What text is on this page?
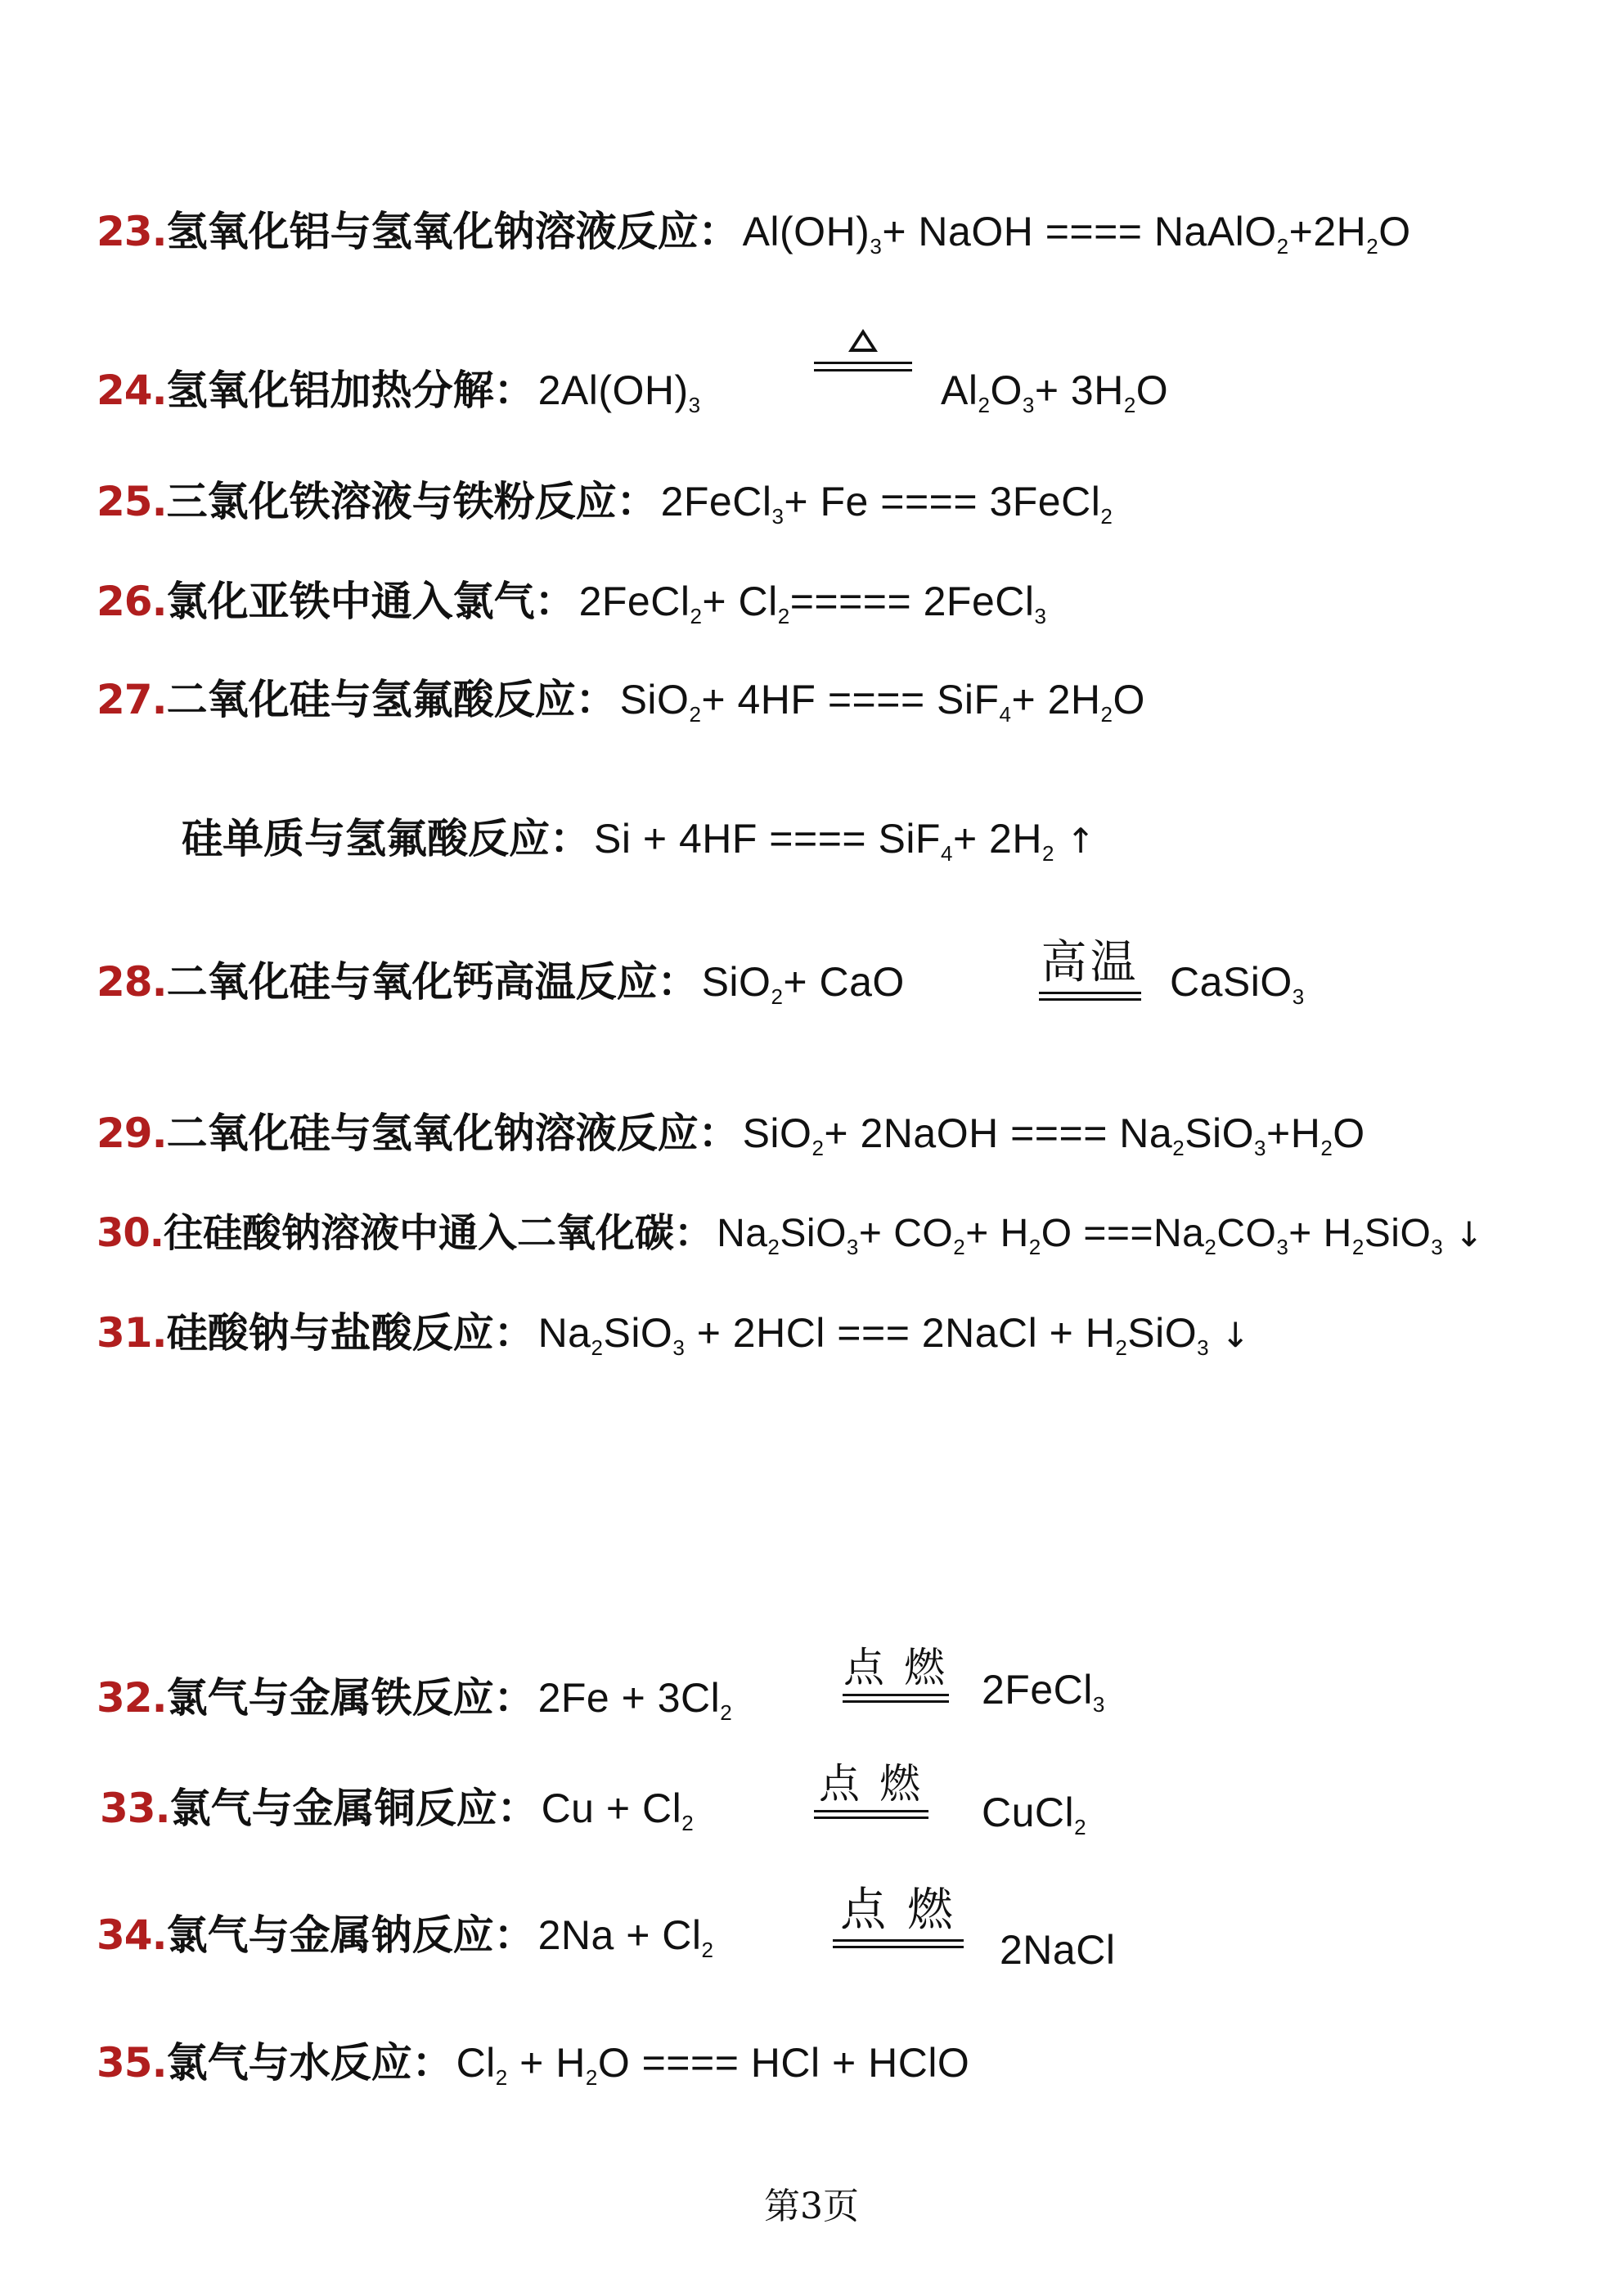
23. 氢氧化铝与氢氧化钠溶液反应 ： $Al(OH)_3+$ NaOH ==== $NaAlO_2+2H_2O$
24. 氢氧化铝加热分解 ： $2Al(OH)_3$	$Al_2O_3+ 3H_2O$
25. 三氯化铁溶液与铁粉反应 ： 2FeCl$_3$+ Fe ==== 3FeCl$_2$
26. 氯化亚铁中通入氯气 ： 2FeCl$_2$+ $Cl_2=====$ 2FeCl$_3$
27. 二氧化硅与氢氟酸反应 ： SiO$_2$+ 4HF ==== $SiF_4+ 2H_2O$
硅单质与氢氟酸反应 ： Si + 4HF ==== $SiF_4+ 2H_2$ ↑
28. 二氧化硅与氧化钙高温反应 ： SiO$_2$+ CaO	高温 CaSiO$_3$
29. 二氧化硅与氢氧化钠溶液反应 ： SiO$_2$+ 2NaOH ==== $Na_2SiO_3+H_2O$
30. 往硅酸钠溶液中通入二氧化碳 ： $Na_2SiO_3+ CO_2+ H_2O ===Na_2CO_3+ H_2SiO_3$ ↓
31. 硅酸钠与盐酸反应 ： $Na_2SiO_3 + 2HCl$ === 2NaCl + $H_2SiO_3$ ↓
32. 氯气与金属铁反应 ： $2Fe + 3Cl_2$
点 燃 2FeCl$_3$
33. 氯气与金属铜反应 ： $Cu + Cl_2$
点 燃
CuCl$_2$
34. 氯气与金属钠反应 ： $2Na + Cl_2$
点 燃
2NaCl
35. 氯气与水反应 ： $Cl_2 + H_2O$ ==== HCl + HClO
第3页
